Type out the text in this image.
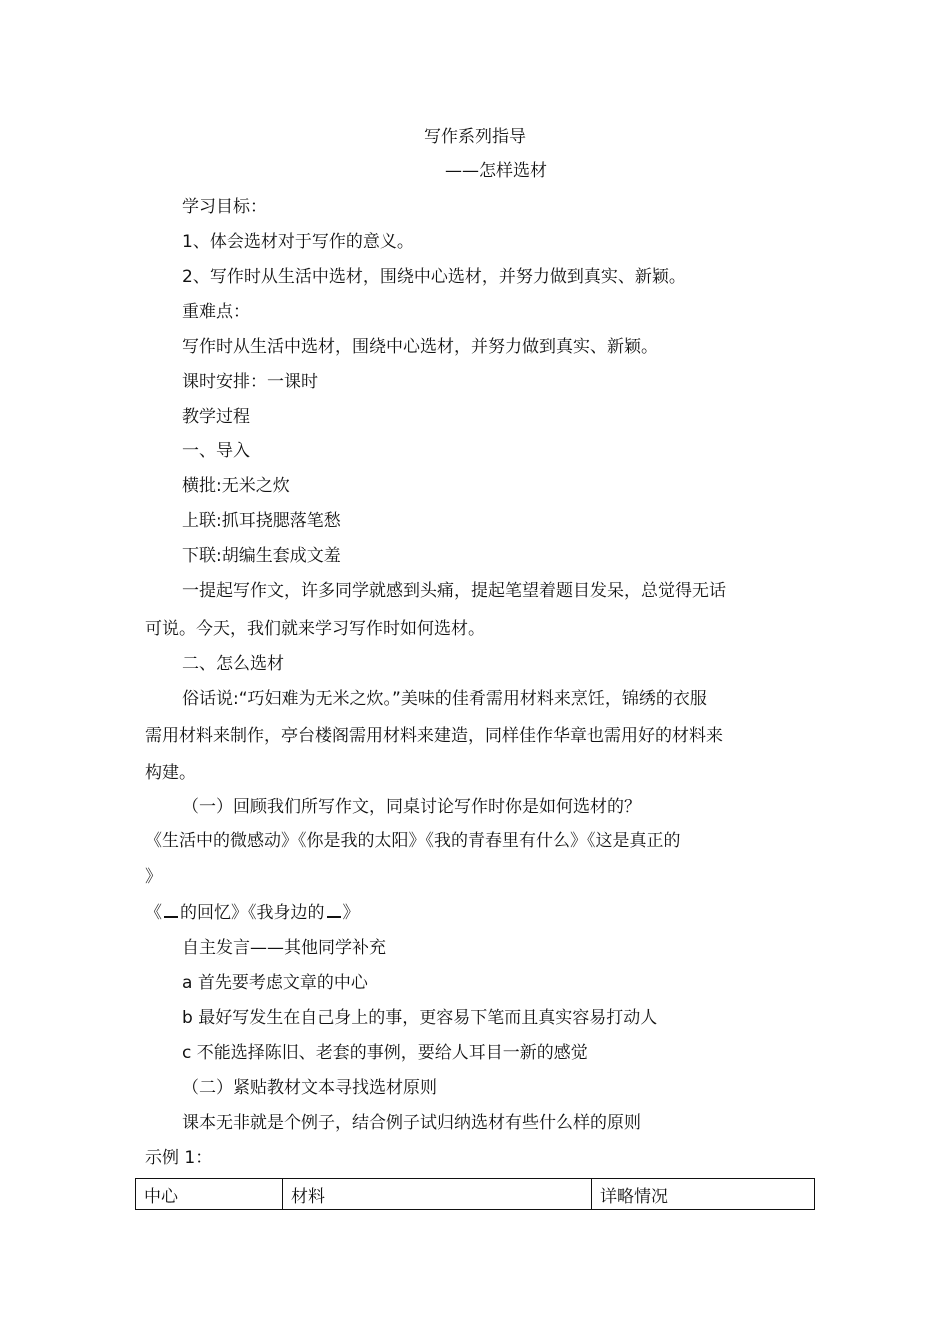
写作系列指导
——怎样选材
学习目标：
1、体会选材对于写作的意义。
2、写作时从生活中选材，围绕中心选材，并努力做到真实、新颖。
重难点：
写作时从生活中选材，围绕中心选材，并努力做到真实、新颖。
课时安排：一课时
教学过程
一、导入
横批:无米之炊
上联:抓耳挠腮落笔愁
下联:胡编生套成文羞
一提起写作文，许多同学就感到头痛，提起笔望着题目发呆，总觉得无话
可说。今天，我们就来学习写作时如何选材。
二、怎么选材
俗话说:“巧妇难为无米之炊。”美味的佳肴需用材料来烹饪，锦绣的衣服
需用材料来制作，亭台楼阁需用材料来建造，同样佳作华章也需用好的材料来
构建。
（一）回顾我们所写作文，同桌讨论写作时你是如何选材的？
《生活中的微感动》《你是我的太阳》《我的青春里有什么》《这是真正的
》
《 的回忆》《我身边的 》
自主发言——其他同学补充
a 首先要考虑文章的中心
b 最好写发生在自己身上的事，更容易下笔而且真实容易打动人
c 不能选择陈旧、老套的事例，要给人耳目一新的感觉
（二）紧贴教材文本寻找选材原则
课本无非就是个例子，结合例子试归纳选材有些什么样的原则
示例 1：
中心	材料	详略情况
